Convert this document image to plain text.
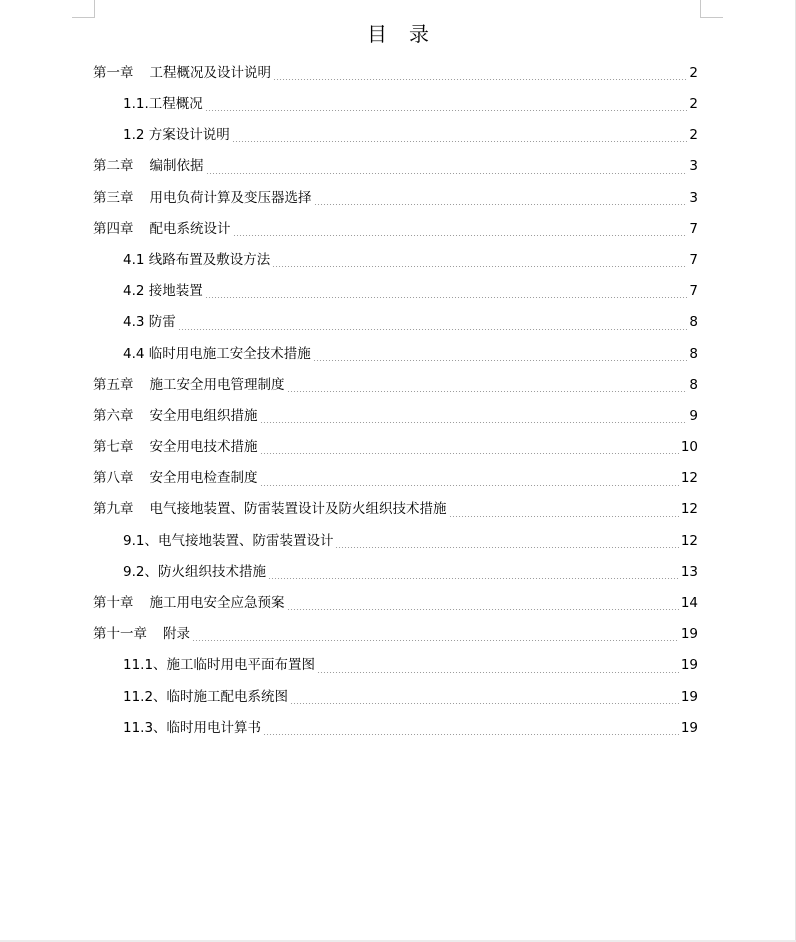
目录
第一章 工程概况及设计说明	2
1.1.工程概况	2
1.2 方案设计说明	2
第二章 编制依据	3
第三章 用电负荷计算及变压器选择	3
第四章 配电系统设计	7
4.1 线路布置及敷设方法	7
4.2 接地装置	7
4.3 防雷	8
4.4 临时用电施工安全技术措施	8
第五章 施工安全用电管理制度	8
第六章 安全用电组织措施	9
第七章 安全用电技术措施	10
第八章 安全用电检查制度	12
第九章 电气接地装置、防雷装置设计及防火组织技术措施	12
9.1、电气接地装置、防雷装置设计	12
9.2、防火组织技术措施	13
第十章 施工用电安全应急预案	14
第十一章 附录	19
11.1、施工临时用电平面布置图	19
11.2、临时施工配电系统图	19
11.3、临时用电计算书	19
